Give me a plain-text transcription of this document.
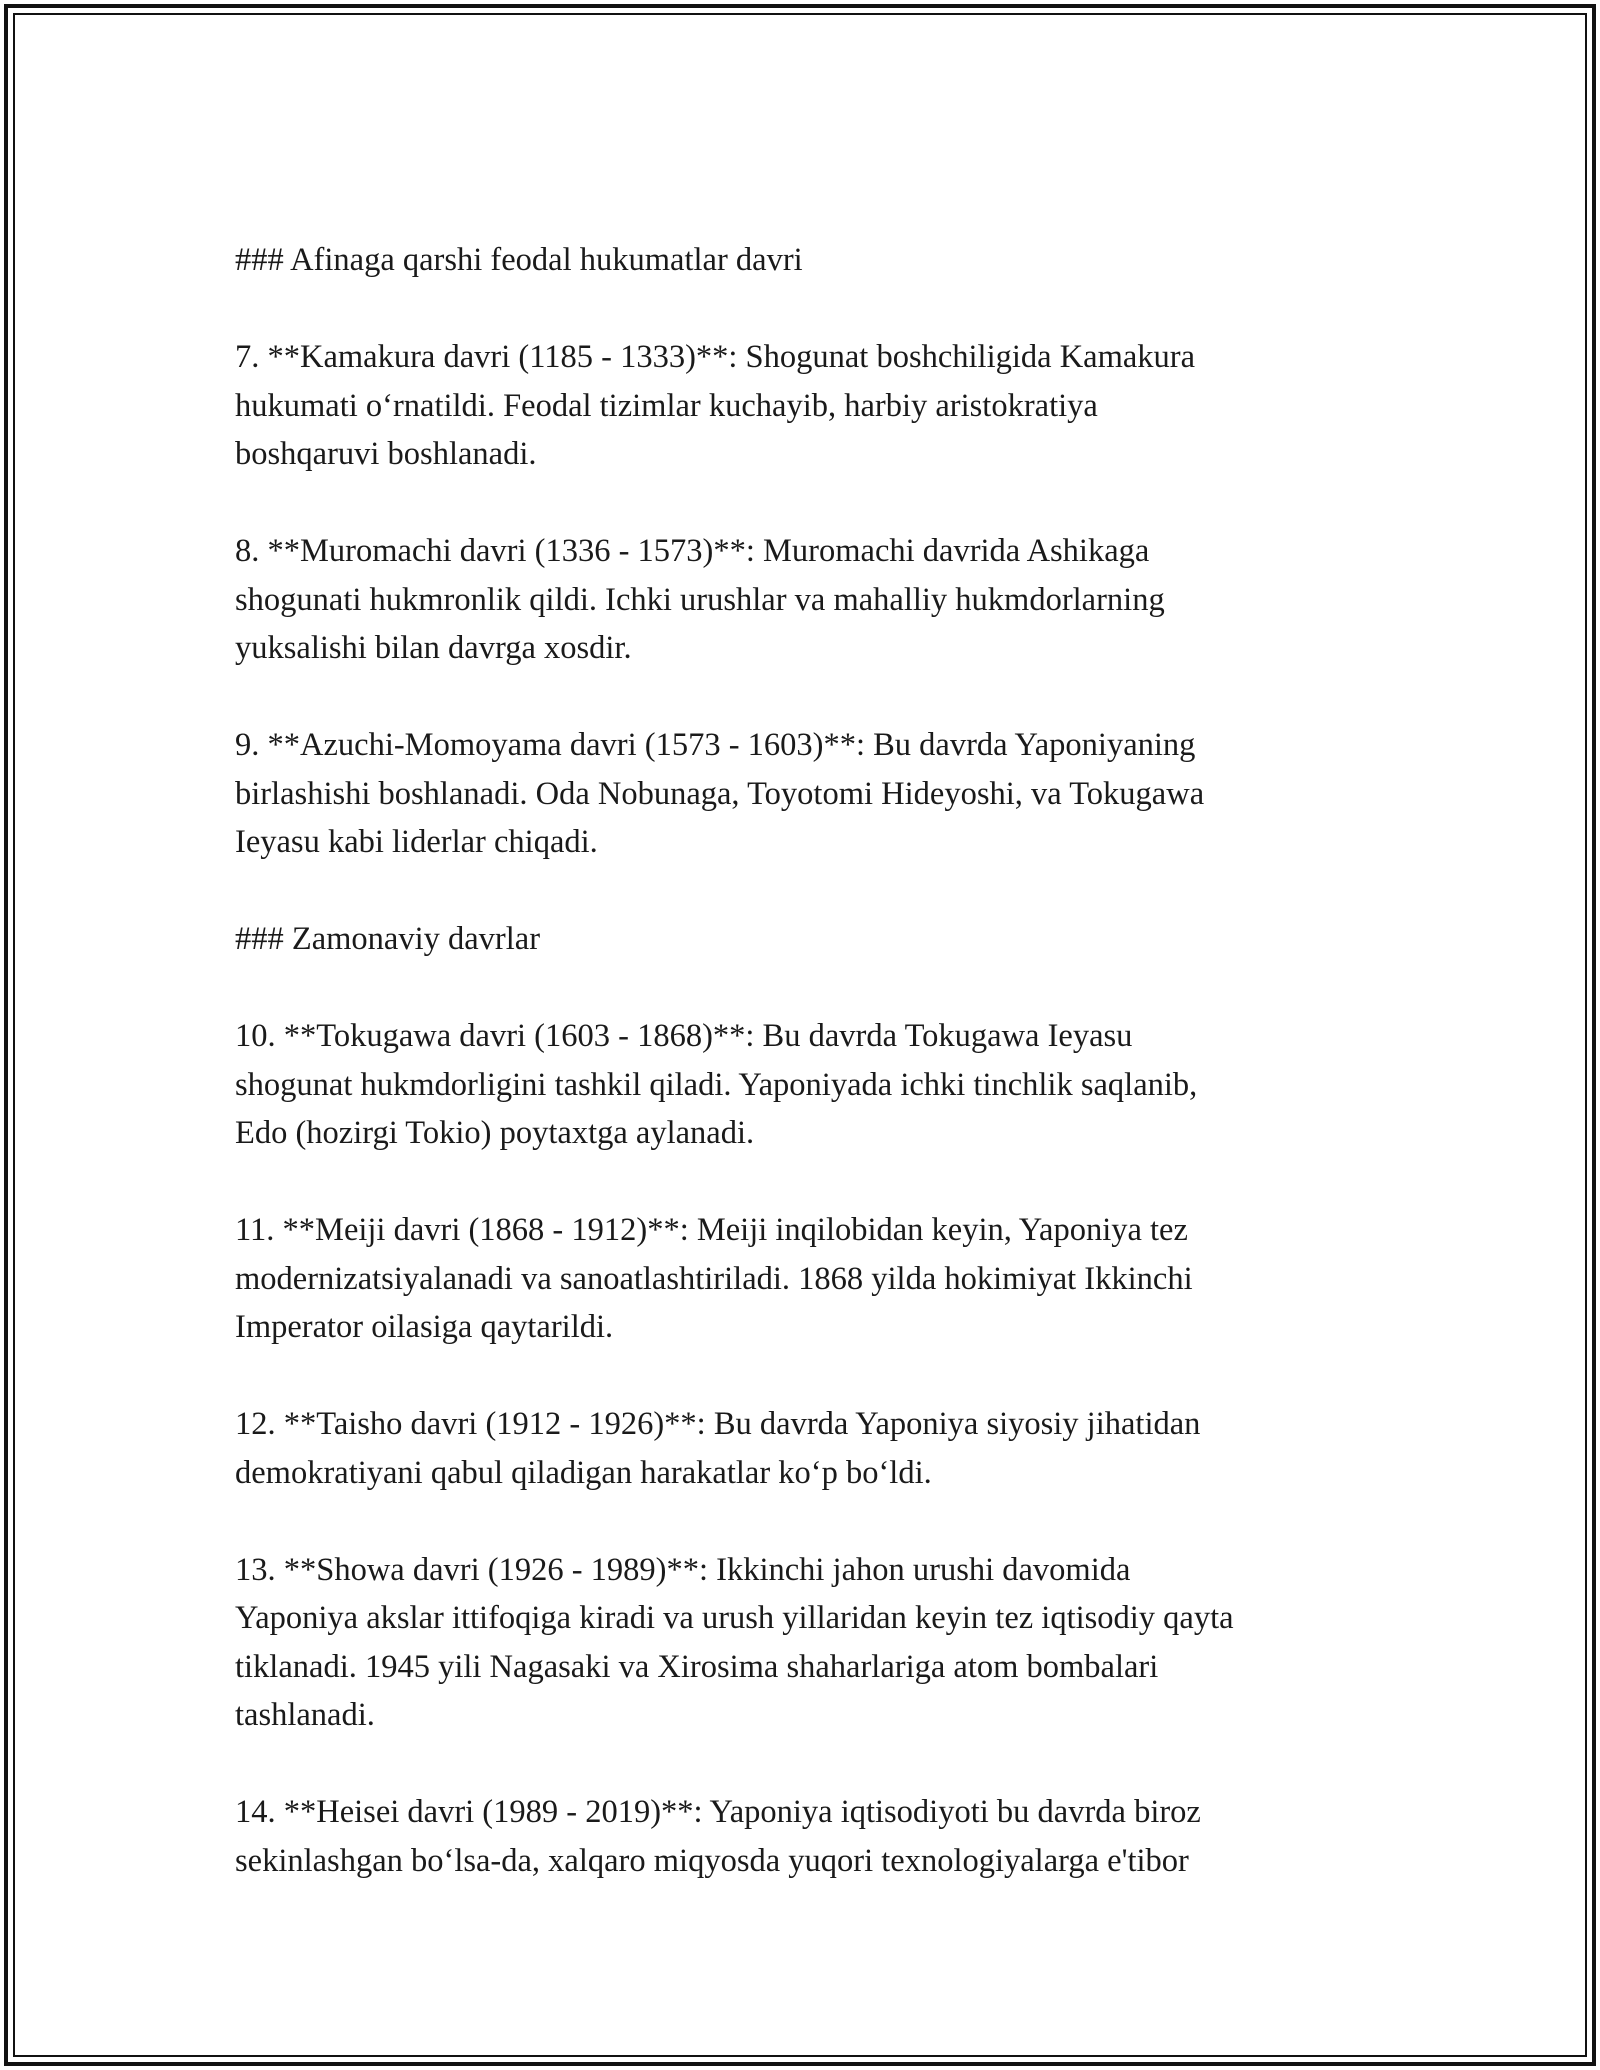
### Afinaga qarshi feodal hukumatlar davri

7. **Kamakura davri (1185 - 1333)**: Shogunat boshchiligida Kamakura
hukumati o‘rnatildi. Feodal tizimlar kuchayib, harbiy aristokratiya
boshqaruvi boshlanadi.

8. **Muromachi davri (1336 - 1573)**: Muromachi davrida Ashikaga
shogunati hukmronlik qildi. Ichki urushlar va mahalliy hukmdorlarning
yuksalishi bilan davrga xosdir.

9. **Azuchi-Momoyama davri (1573 - 1603)**: Bu davrda Yaponiyaning
birlashishi boshlanadi. Oda Nobunaga, Toyotomi Hideyoshi, va Tokugawa
Ieyasu kabi liderlar chiqadi.

### Zamonaviy davrlar

10. **Tokugawa davri (1603 - 1868)**: Bu davrda Tokugawa Ieyasu
shogunat hukmdorligini tashkil qiladi. Yaponiyada ichki tinchlik saqlanib,
Edo (hozirgi Tokio) poytaxtga aylanadi.

11. **Meiji davri (1868 - 1912)**: Meiji inqilobidan keyin, Yaponiya tez
modernizatsiyalanadi va sanoatlashtiriladi. 1868 yilda hokimiyat Ikkinchi
Imperator oilasiga qaytarildi.

12. **Taisho davri (1912 - 1926)**: Bu davrda Yaponiya siyosiy jihatidan
demokratiyani qabul qiladigan harakatlar ko‘p bo‘ldi.

13. **Showa davri (1926 - 1989)**: Ikkinchi jahon urushi davomida
Yaponiya akslar ittifoqiga kiradi va urush yillaridan keyin tez iqtisodiy qayta
tiklanadi. 1945 yili Nagasaki va Xirosima shaharlariga atom bombalari
tashlanadi.

14. **Heisei davri (1989 - 2019)**: Yaponiya iqtisodiyoti bu davrda biroz
sekinlashgan bo‘lsa-da, xalqaro miqyosda yuqori texnologiyalarga e'tibor
